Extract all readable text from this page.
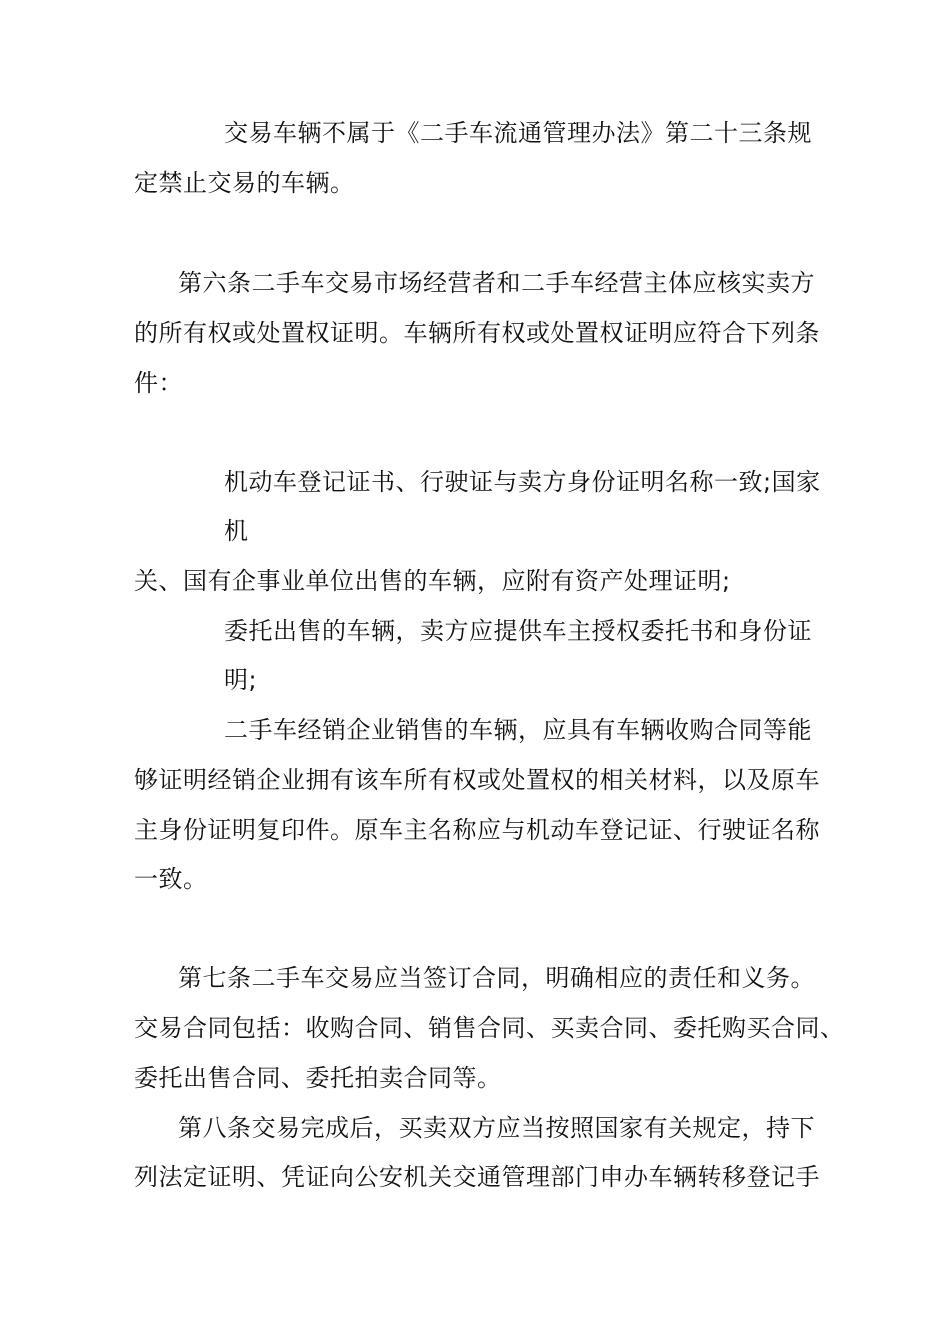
交易车辆不属于《二手车流通管理办法》第二十三条规
定禁止交易的车辆。
第六条二手车交易市场经营者和二手车经营主体应核实卖方
的所有权或处置权证明。车辆所有权或处置权证明应符合下列条
件：
机动车登记证书、行驶证与卖方身份证明名称一致;国家
机
关、国有企事业单位出售的车辆，应附有资产处理证明;
委托出售的车辆，卖方应提供车主授权委托书和身份证
明;
二手车经销企业销售的车辆，应具有车辆收购合同等能
够证明经销企业拥有该车所有权或处置权的相关材料，以及原车
主身份证明复印件。原车主名称应与机动车登记证、行驶证名称
一致。
第七条二手车交易应当签订合同，明确相应的责任和义务。
交易合同包括：收购合同、销售合同、买卖合同、委托购买合同、
委托出售合同、委托拍卖合同等。
第八条交易完成后，买卖双方应当按照国家有关规定，持下
列法定证明、凭证向公安机关交通管理部门申办车辆转移登记手
